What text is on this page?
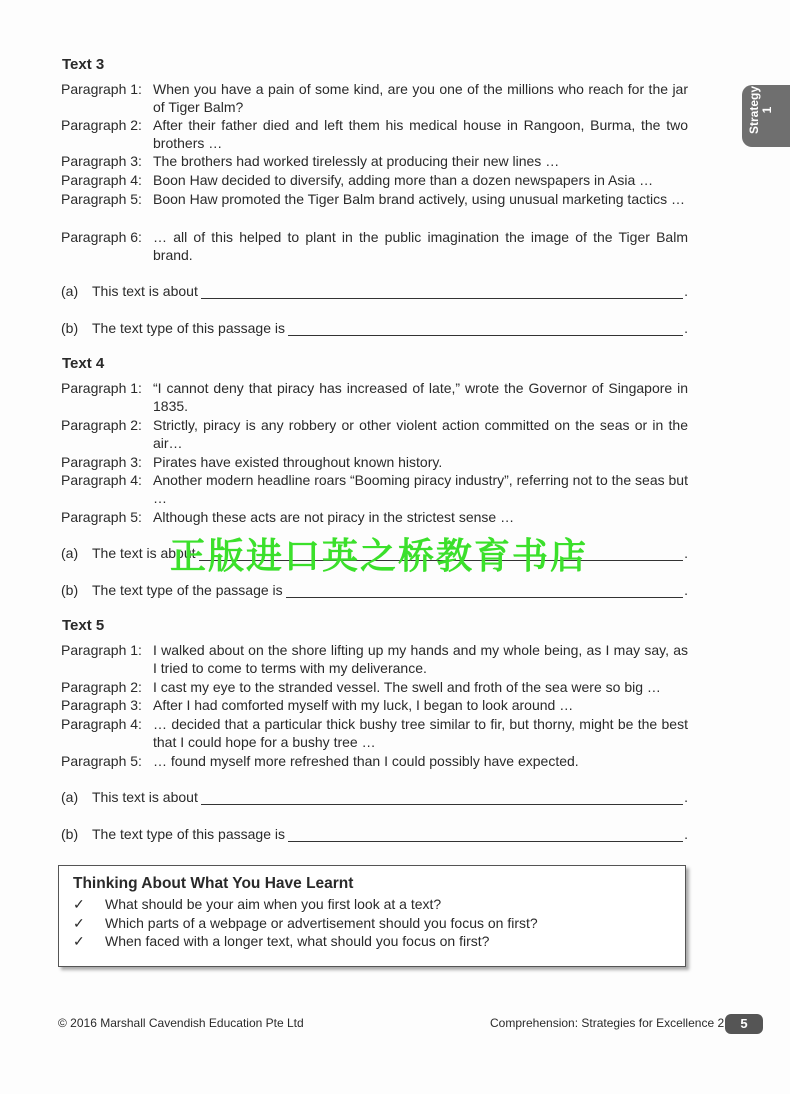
Strategy 1
Text 3
Paragraph 1: When you have a pain of some kind, are you one of the millions who reach for the jar of Tiger Balm?
Paragraph 2: After their father died and left them his medical house in Rangoon, Burma, the two brothers …
Paragraph 3: The brothers had worked tirelessly at producing their new lines …
Paragraph 4: Boon Haw decided to diversify, adding more than a dozen newspapers in Asia …
Paragraph 5: Boon Haw promoted the Tiger Balm brand actively, using unusual marketing tactics …
Paragraph 6: … all of this helped to plant in the public imagination the image of the Tiger Balm brand.
(a) This text is about	.
(b) The text type of this passage is	.
Text 4
Paragraph 1: “I cannot deny that piracy has increased of late,” wrote the Governor of Singapore in 1835.
Paragraph 2: Strictly, piracy is any robbery or other violent action committed on the seas or in the air…
Paragraph 3: Pirates have existed throughout known history.
Paragraph 4: Another modern headline roars “Booming piracy industry”, referring not to the seas but …
Paragraph 5: Although these acts are not piracy in the strictest sense …
(a) The text is about	.
(b) The text type of the passage is	.
Text 5
Paragraph 1: I walked about on the shore lifting up my hands and my whole being, as I may say, as I tried to come to terms with my deliverance.
Paragraph 2: I cast my eye to the stranded vessel. The swell and froth of the sea were so big …
Paragraph 3: After I had comforted myself with my luck, I began to look around …
Paragraph 4: … decided that a particular thick bushy tree similar to fir, but thorny, might be the best that I could hope for a bushy tree …
Paragraph 5: … found myself more refreshed than I could possibly have expected.
(a) This text is about	.
(b) The text type of this passage is	.
Thinking About What You Have Learnt
✓ What should be your aim when you first look at a text?
✓ Which parts of a webpage or advertisement should you focus on first?
✓ When faced with a longer text, what should you focus on first?
正版进口英之桥教育书店
© 2016 Marshall Cavendish Education Pte Ltd	Comprehension: Strategies for Excellence 2	5
